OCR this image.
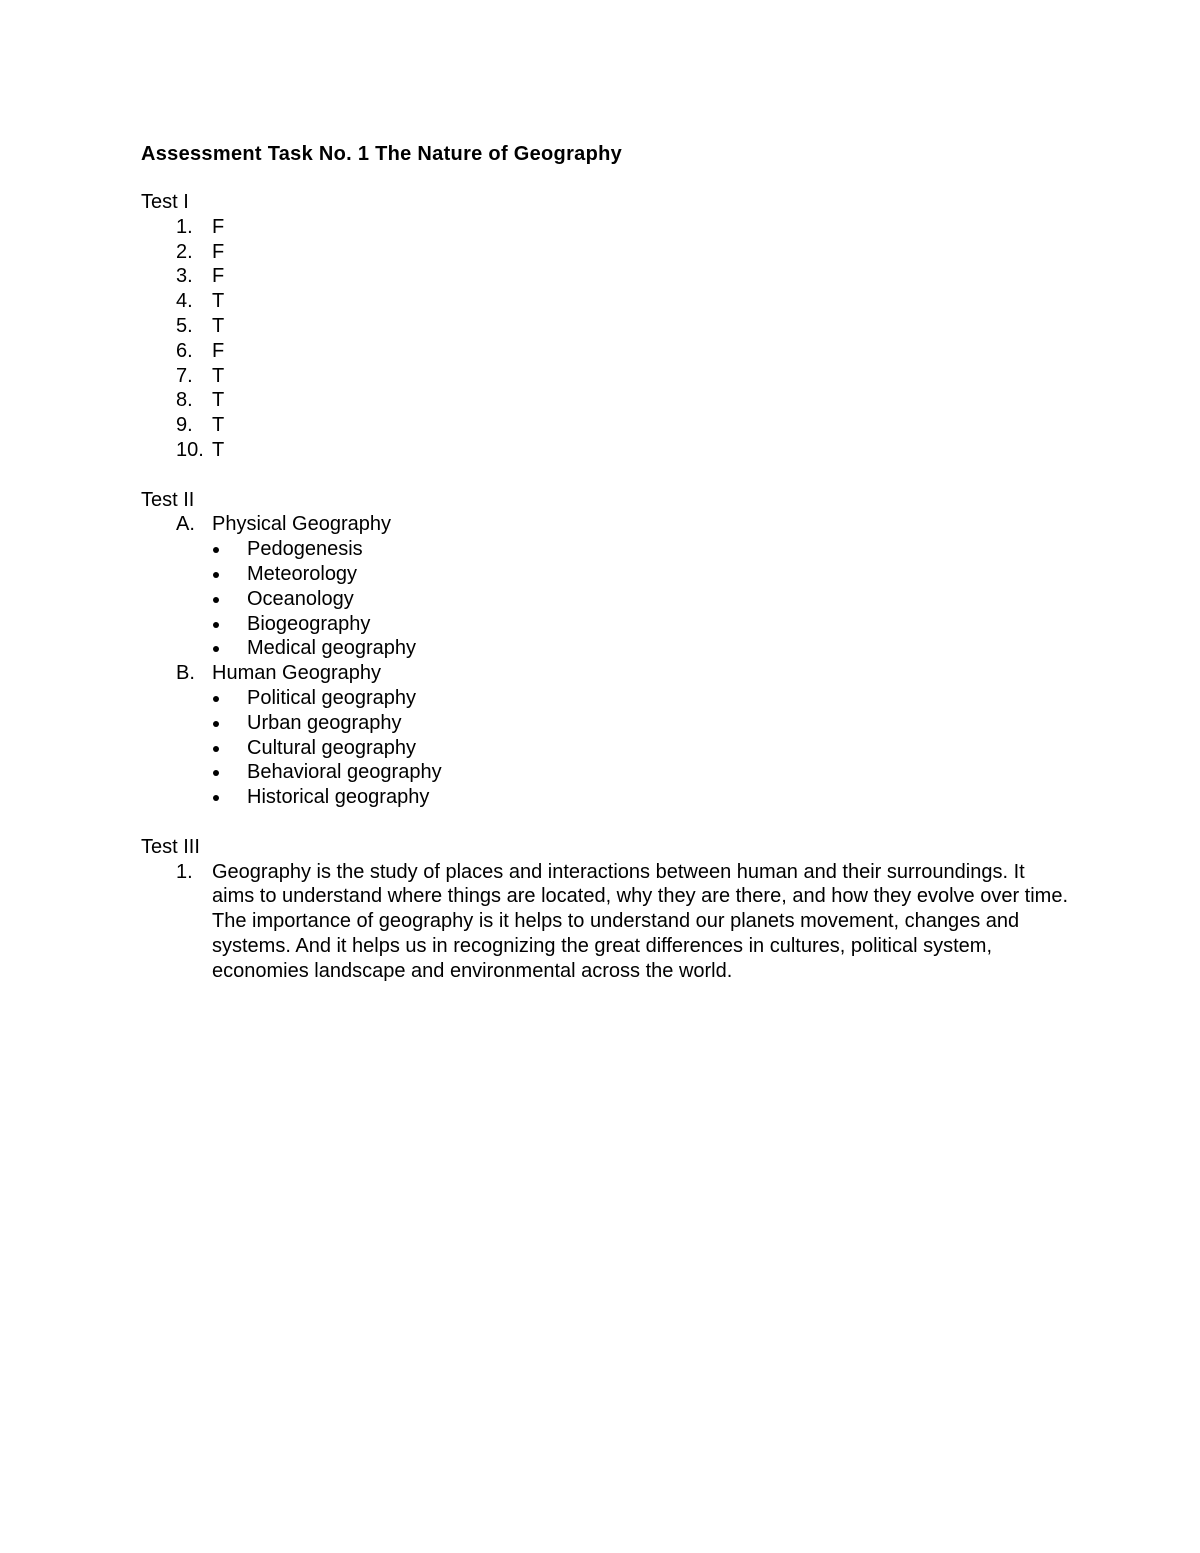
Assessment Task No. 1 The Nature of Geography
Test I
1. F
2. F
3. F
4. T
5. T
6. F
7. T
8. T
9. T
10. T
Test II
A. Physical Geography
Pedogenesis
Meteorology
Oceanology
Biogeography
Medical geography
B. Human Geography
Political geography
Urban geography
Cultural geography
Behavioral geography
Historical geography
Test III
1. Geography is the study of places and interactions between human and their surroundings. It aims to understand where things are located, why they are there, and how they evolve over time. The importance of geography is it helps to understand our planets movement, changes and systems. And it helps us in recognizing the great differences in cultures, political system, economies landscape and environmental across the world.
